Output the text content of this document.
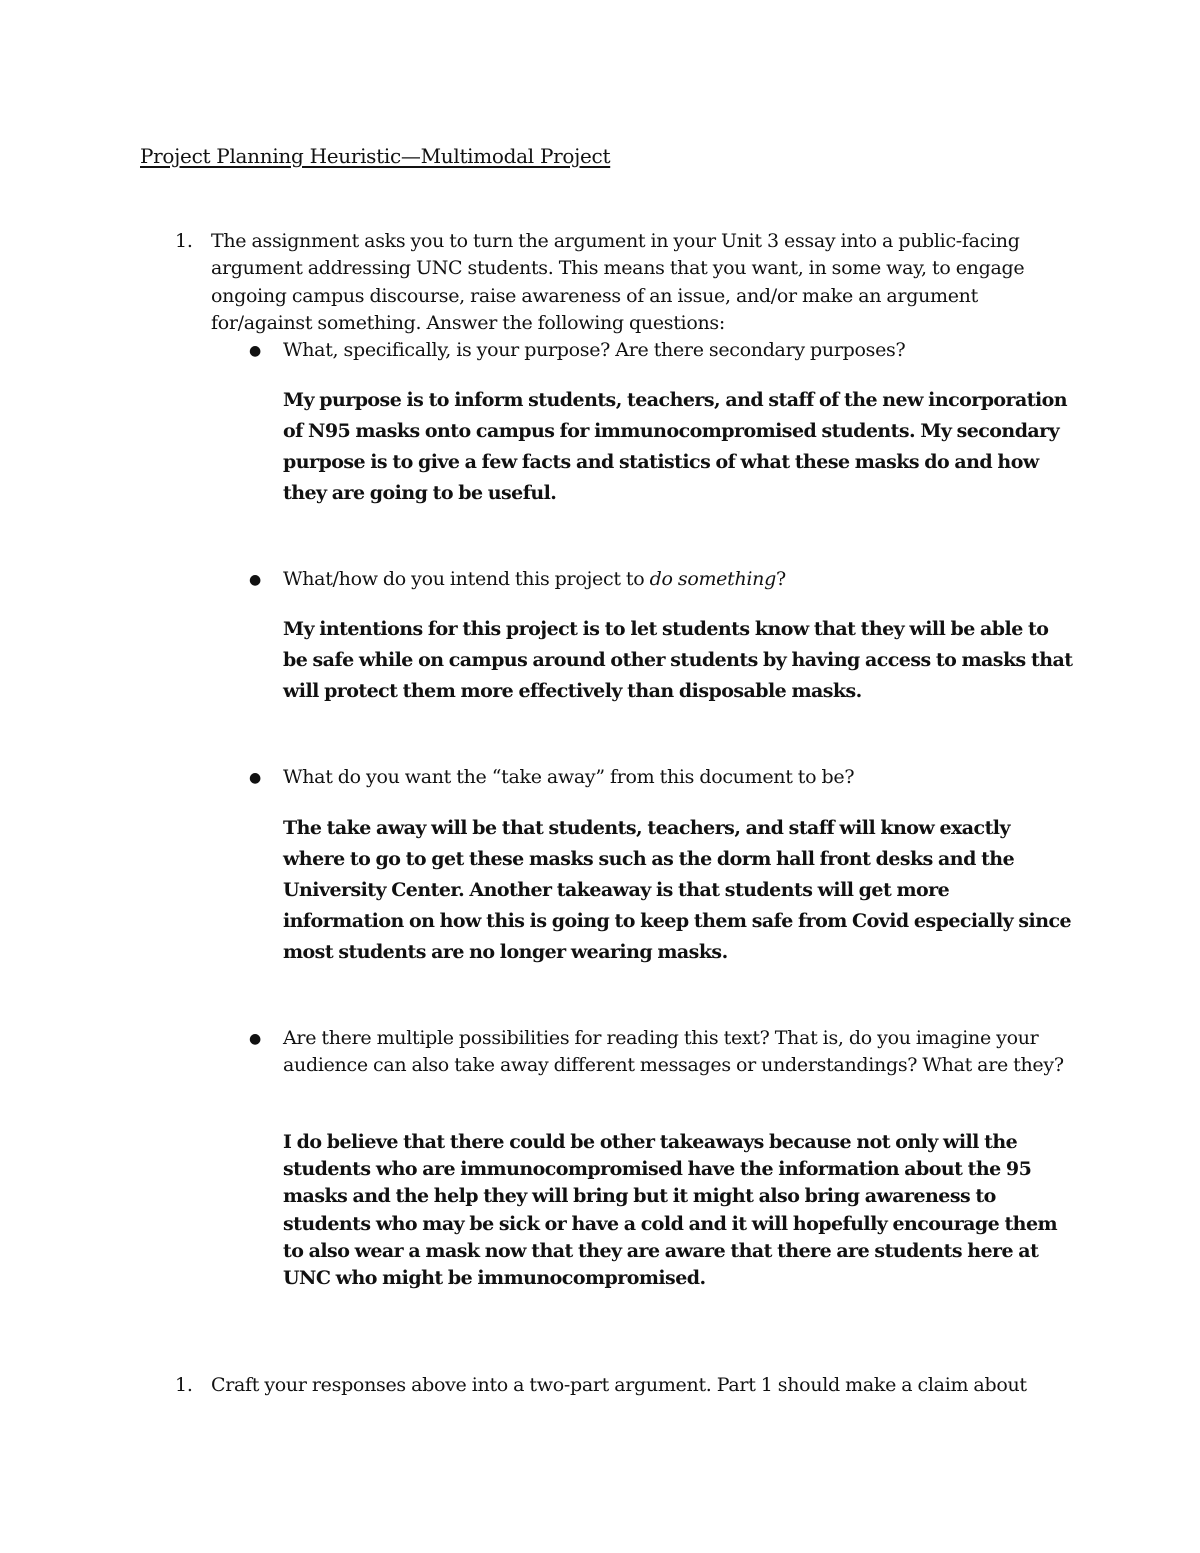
Project Planning Heuristic—Multimodal Project
1. The assignment asks you to turn the argument in your Unit 3 essay into a public-facing argument addressing UNC students. This means that you want, in some way, to engage ongoing campus discourse, raise awareness of an issue, and/or make an argument for/against something. Answer the following questions:

● What, specifically, is your purpose? Are there secondary purposes?

My purpose is to inform students, teachers, and staff of the new incorporation of N95 masks onto campus for immunocompromised students. My secondary purpose is to give a few facts and statistics of what these masks do and how they are going to be useful.

● What/how do you intend this project to do something?

My intentions for this project is to let students know that they will be able to be safe while on campus around other students by having access to masks that will protect them more effectively than disposable masks.

● What do you want the “take away” from this document to be?

The take away will be that students, teachers, and staff will know exactly where to go to get these masks such as the dorm hall front desks and the University Center. Another takeaway is that students will get more information on how this is going to keep them safe from Covid especially since most students are no longer wearing masks.

● Are there multiple possibilities for reading this text? That is, do you imagine your audience can also take away different messages or understandings? What are they?

I do believe that there could be other takeaways because not only will the students who are immunocompromised have the information about the 95 masks and the help they will bring but it might also bring awareness to students who may be sick or have a cold and it will hopefully encourage them to also wear a mask now that they are aware that there are students here at UNC who might be immunocompromised.

1. Craft your responses above into a two-part argument. Part 1 should make a claim about
